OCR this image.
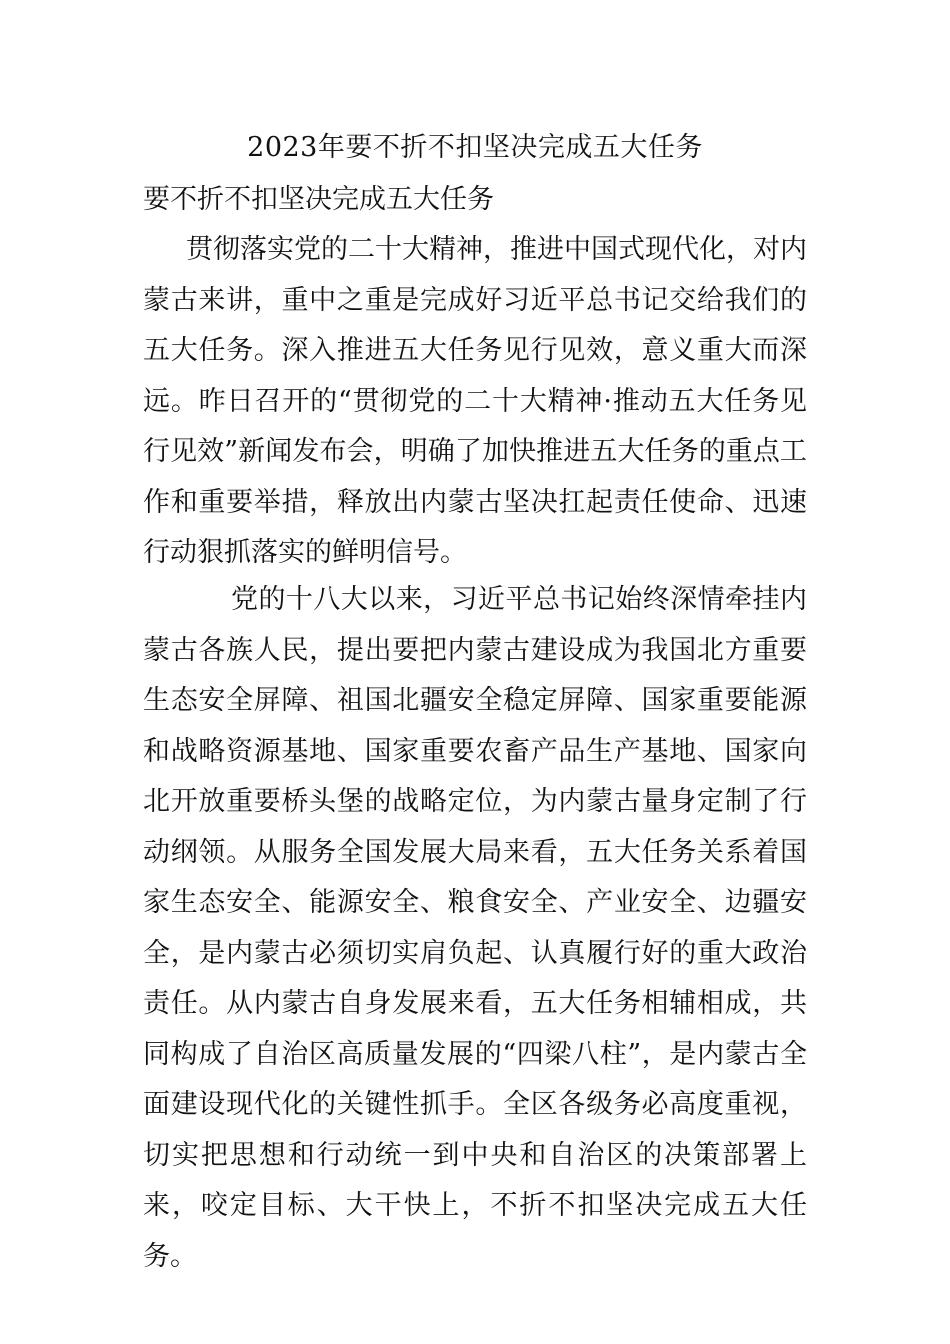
2023年要不折不扣坚决完成五大任务
要不折不扣坚决完成五大任务

贯彻落实党的二十大精神，推进中国式现代化，对内蒙古来讲，重中之重是完成好习近平总书记交给我们的五大任务。深入推进五大任务见行见效，意义重大而深远。昨日召开的“贯彻党的二十大精神·推动五大任务见行见效”新闻发布会，明确了加快推进五大任务的重点工作和重要举措，释放出内蒙古坚决扛起责任使命、迅速行动狠抓落实的鲜明信号。

党的十八大以来，习近平总书记始终深情牵挂内蒙古各族人民，提出要把内蒙古建设成为我国北方重要生态安全屏障、祖国北疆安全稳定屏障、国家重要能源和战略资源基地、国家重要农畜产品生产基地、国家向北开放重要桥头堡的战略定位，为内蒙古量身定制了行动纲领。从服务全国发展大局来看，五大任务关系着国家生态安全、能源安全、粮食安全、产业安全、边疆安全，是内蒙古必须切实肩负起、认真履行好的重大政治责任。从内蒙古自身发展来看，五大任务相辅相成，共同构成了自治区高质量发展的“四梁八柱”，是内蒙古全面建设现代化的关键性抓手。全区各级务必高度重视，切实把思想和行动统一到中央和自治区的决策部署上来，咬定目标、大干快上，不折不扣坚决完成五大任务。
